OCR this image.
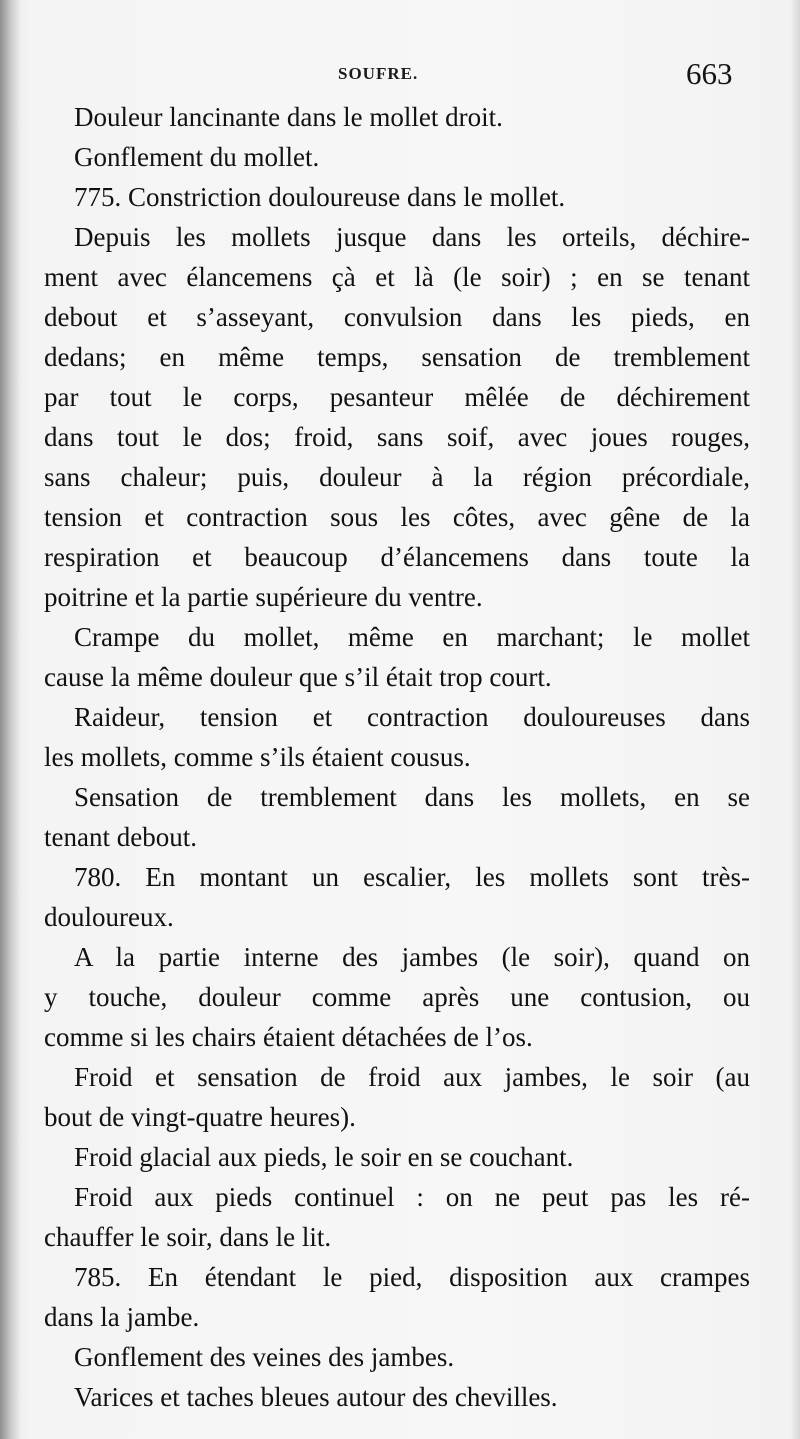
SOUFRE.	663
Douleur lancinante dans le mollet droit.
Gonflement du mollet.
775. Constriction douloureuse dans le mollet.
Depuis les mollets jusque dans les orteils, déchire-
ment avec élancemens çà et là (le soir) ; en se tenant
debout et s’asseyant, convulsion dans les pieds, en
dedans; en même temps, sensation de tremblement
par tout le corps, pesanteur mêlée de déchirement
dans tout le dos; froid, sans soif, avec joues rouges,
sans chaleur; puis, douleur à la région précordiale,
tension et contraction sous les côtes, avec gêne de la
respiration et beaucoup d’élancemens dans toute la
poitrine et la partie supérieure du ventre.
Crampe du mollet, même en marchant; le mollet
cause la même douleur que s’il était trop court.
Raideur, tension et contraction douloureuses dans
les mollets, comme s’ils étaient cousus.
Sensation de tremblement dans les mollets, en se
tenant debout.
780. En montant un escalier, les mollets sont très-
douloureux.
A la partie interne des jambes (le soir), quand on
y touche, douleur comme après une contusion, ou
comme si les chairs étaient détachées de l’os.
Froid et sensation de froid aux jambes, le soir (au
bout de vingt-quatre heures).
Froid glacial aux pieds, le soir en se couchant.
Froid aux pieds continuel : on ne peut pas les ré-
chauffer le soir, dans le lit.
785. En étendant le pied, disposition aux crampes
dans la jambe.
Gonflement des veines des jambes.
Varices et taches bleues autour des chevilles.
